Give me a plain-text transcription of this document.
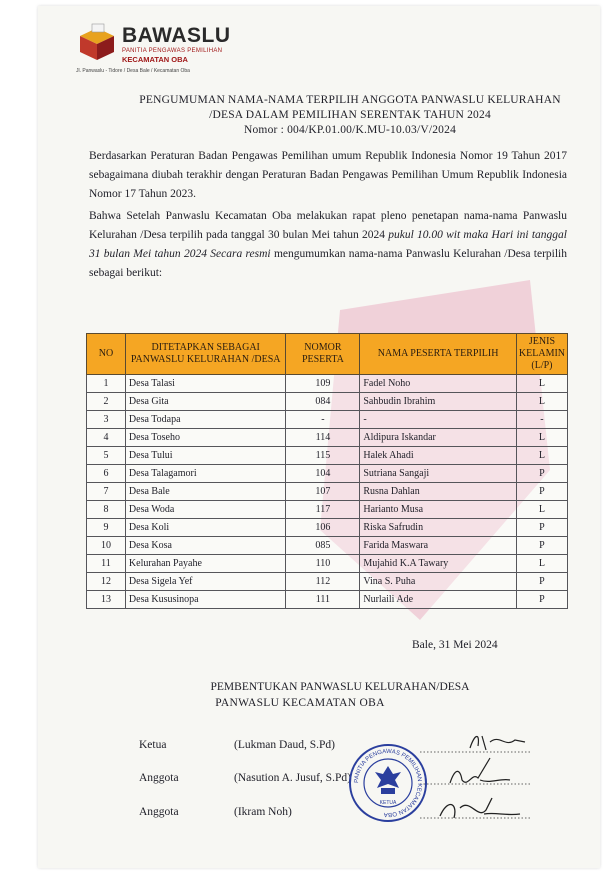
BAWASLU
PANITIA PENGAWAS PEMILIHAN
KECAMATAN OBA
Jl. Panwaslu - Tidore / Desa Bale / Kecamatan Oba
PENGUMUMAN NAMA-NAMA TERPILIH ANGGOTA PANWASLU KELURAHAN
/DESA DALAM PEMILIHAN SERENTAK TAHUN 2024
Nomor : 004/KP.01.00/K.MU-10.03/V/2024
Berdasarkan Peraturan Badan Pengawas Pemilihan umum Republik Indonesia Nomor 19 Tahun 2017 sebagaimana diubah terakhir dengan Peraturan Badan Pengawas Pemilihan Umum Republik Indonesia Nomor 17 Tahun 2023.
Bahwa Setelah Panwaslu Kecamatan Oba melakukan rapat pleno penetapan nama-nama Panwaslu Kelurahan /Desa terpilih pada tanggal 30 bulan Mei tahun 2024 pukul 10.00 wit maka Hari ini tanggal 31 bulan Mei tahun 2024 Secara resmi mengumumkan nama-nama Panwaslu Kelurahan /Desa terpilih sebagai berikut:
NO	DITETAPKAN SEBAGAI PANWASLU KELURAHAN /DESA	NOMOR PESERTA	NAMA PESERTA TERPILIH	JENIS KELAMIN (L/P)
1	Desa Talasi	109	Fadel Noho	L
2	Desa Gita	084	Sahbudin Ibrahim	L
3	Desa Todapa	-	-	-
4	Desa Toseho	114	Aldipura Iskandar	L
5	Desa Tului	115	Halek Ahadi	L
6	Desa Talagamori	104	Sutriana Sangaji	P
7	Desa Bale	107	Rusna Dahlan	P
8	Desa Woda	117	Harianto Musa	L
9	Desa Koli	106	Riska Safrudin	P
10	Desa Kosa	085	Farida Maswara	P
11	Kelurahan Payahe	110	Mujahid K.A Tawary	L
12	Desa Sigela Yef	112	Vina S. Puha	P
13	Desa Kususinopa	111	Nurlaili Ade	P
Bale, 31 Mei 2024
PEMBENTUKAN PANWASLU KELURAHAN/DESA
PANWASLU KECAMATAN OBA
Ketua	(Lukman Daud, S.Pd)
Anggota	(Nasution A. Jusuf, S.Pd)
Anggota	(Ikram Noh)
PANITIA PENGAWAS PEMILIHAN KECAMATAN OBA
KETUA
